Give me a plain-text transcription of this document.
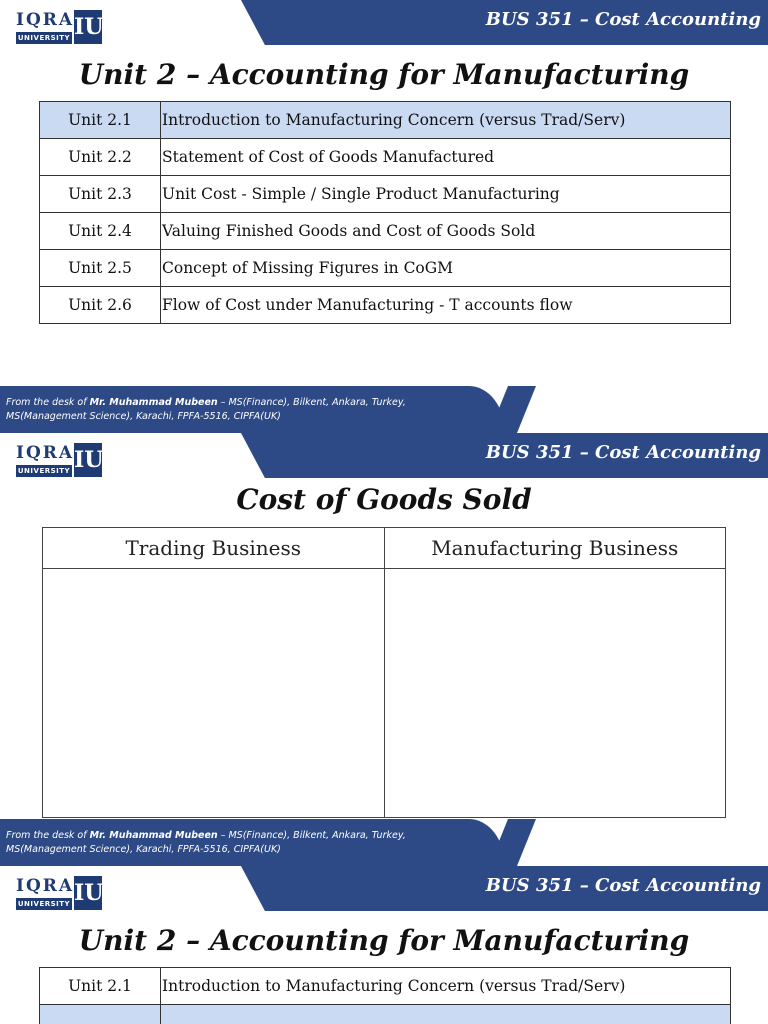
IQRA
UNIVERSITY IU	BUS 351 – Cost Accounting
Unit 2 – Accounting for Manufacturing
Unit 2.1	Introduction to Manufacturing Concern (versus Trad/Serv)
Unit 2.2	Statement of Cost of Goods Manufactured
Unit 2.3	Unit Cost - Simple / Single Product Manufacturing
Unit 2.4	Valuing Finished Goods and Cost of Goods Sold
Unit 2.5	Concept of Missing Figures in CoGM
Unit 2.6	Flow of Cost under Manufacturing - T accounts flow
From the desk of Mr. Muhammad Mubeen – MS(Finance), Bilkent, Ankara, Turkey,
MS(Management Science), Karachi, FPFA-5516, CIPFA(UK)
IQRA
UNIVERSITY IU	BUS 351 – Cost Accounting
Cost of Goods Sold
Trading Business	Manufacturing Business

From the desk of Mr. Muhammad Mubeen – MS(Finance), Bilkent, Ankara, Turkey,
MS(Management Science), Karachi, FPFA-5516, CIPFA(UK)
IQRA
UNIVERSITY IU	BUS 351 – Cost Accounting
Unit 2 – Accounting for Manufacturing
Unit 2.1	Introduction to Manufacturing Concern (versus Trad/Serv)
